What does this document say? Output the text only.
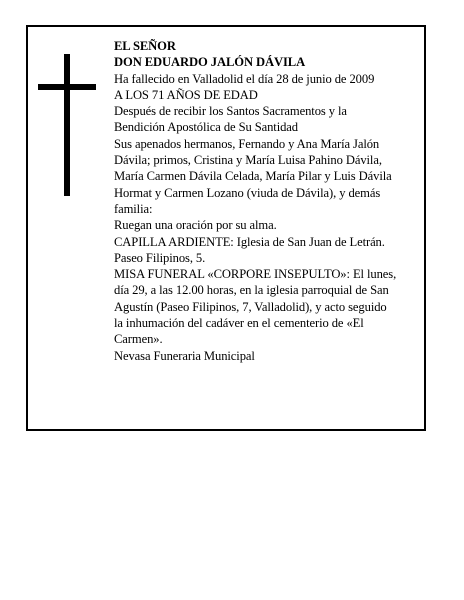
EL SEÑOR

DON EDUARDO JALÓN DÁVILA

Ha fallecido en Valladolid el día 28 de junio de 2009

A LOS 71 AÑOS DE EDAD

Después de recibir los Santos Sacramentos y la
Bendición Apostólica de Su Santidad

Sus apenados hermanos, Fernando y Ana María Jalón
Dávila; primos, Cristina y María Luisa Pahino Dávila,
María Carmen Dávila Celada, María Pilar y Luis Dávila
Hormat y Carmen Lozano (viuda de Dávila), y demás
familia:

Ruegan una oración por su alma.

CAPILLA ARDIENTE: Iglesia de San Juan de Letrán.
Paseo Filipinos, 5.

MISA FUNERAL «CORPORE INSEPULTO»: El lunes,
día 29, a las 12.00 horas, en la iglesia parroquial de San
Agustín (Paseo Filipinos, 7, Valladolid), y acto seguido
la inhumación del cadáver en el cementerio de «El
Carmen».

Nevasa Funeraria Municipal
